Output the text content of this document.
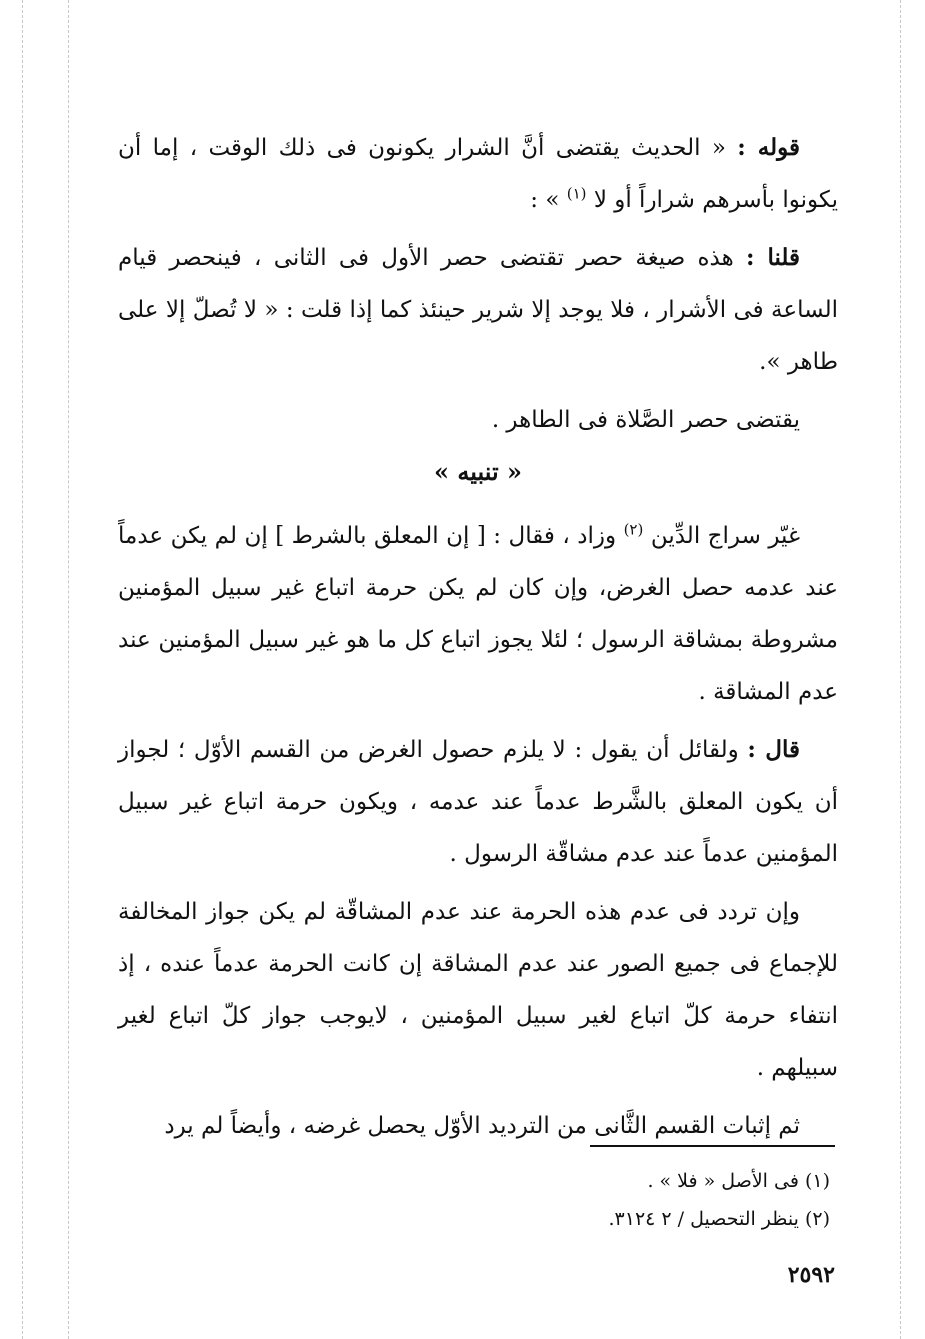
قوله : « الحديث يقتضى أنَّ الشرار يكونون فى ذلك الوقت ، إما أن يكونوا بأسرهم شراراً أو لا $^{(١)}$ » :

قلنا : هذه صيغة حصر تقتضى حصر الأول فى الثانى ، فينحصر قيام الساعة فى الأشرار ، فلا يوجد إلا شرير حينئذ كما إذا قلت : « لا تُصلّ إلا على طاهر ».

يقتضى حصر الصَّلاة فى الطاهر .

« تنبيه »

غيّر سراج الدِّين $^{(٢)}$ وزاد ، فقال : [ إن المعلق بالشرط ] إن لم يكن عدماً عند عدمه حصل الغرض، وإن كان لم يكن حرمة اتباع غير سبيل المؤمنين مشروطة بمشاقة الرسول ؛ لئلا يجوز اتباع كل ما هو غير سبيل المؤمنين عند عدم المشاقة .

قال : ولقائل أن يقول : لا يلزم حصول الغرض من القسم الأوّل ؛ لجواز أن يكون المعلق بالشَّرط عدماً عند عدمه ، ويكون حرمة اتباع غير سبيل المؤمنين عدماً عند عدم مشاقّة الرسول .

وإن تردد فى عدم هذه الحرمة عند عدم المشاقّة لم يكن جواز المخالفة للإجماع فى جميع الصور عند عدم المشاقة إن كانت الحرمة عدماً عنده ، إذ انتفاء حرمة كلّ اتباع لغير سبيل المؤمنين ، لايوجب جواز كلّ اتباع لغير سبيلهم .

ثم إثبات القسم الثَّانى من الترديد الأوّل يحصل غرضه ، وأيضاً لم يرد

(١) فى الأصل « فلا » .
(٢) ينظر التحصيل / ٢ ٣١٢٤.
٢٥٩٢
